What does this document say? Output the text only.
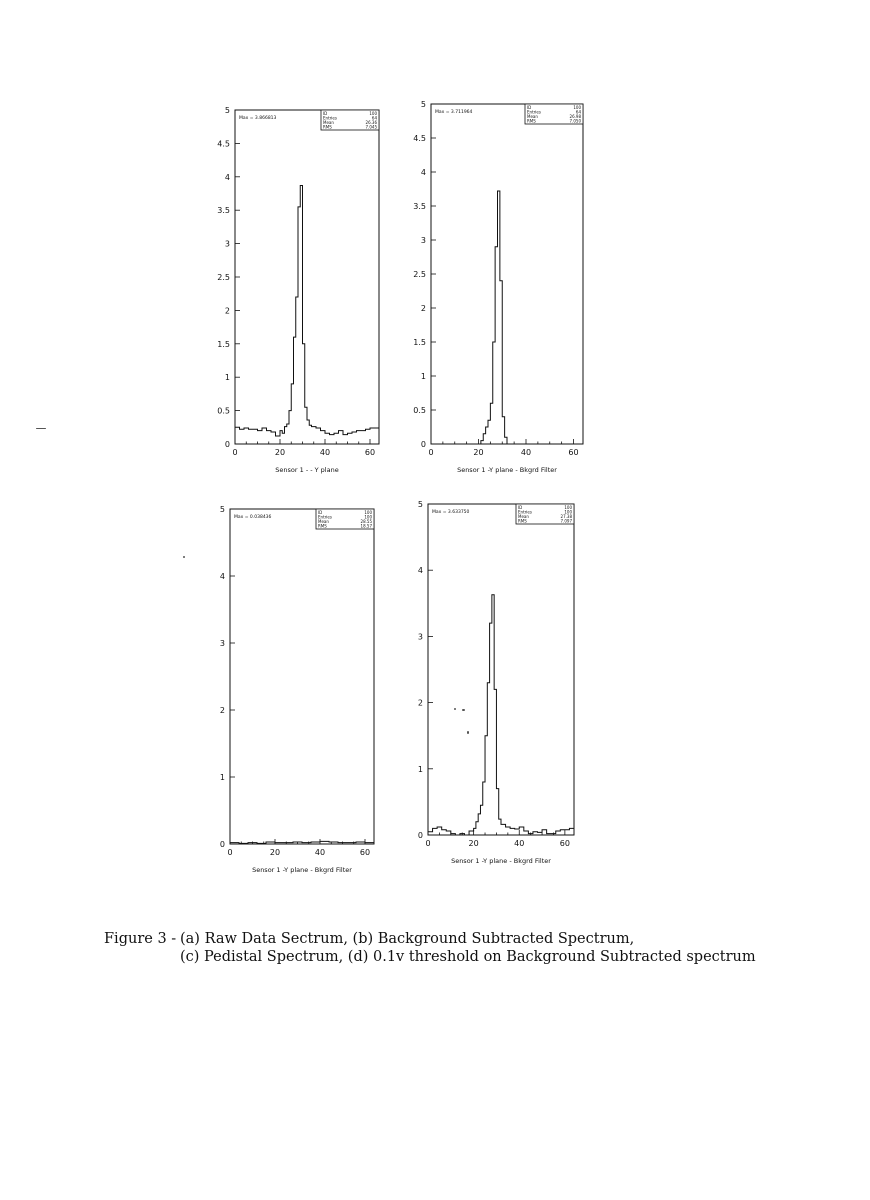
0
0.5
1
1.5
2
2.5
3
3.5
4
4.5
5
0	20	40	60
Max = 3.866813
ID	100
Entries	64
Mean	26.36
RMS	7.045
Sensor 1 - - Y plane
0
0.5
1
1.5
2
2.5
3
3.5
4
4.5
5
0	20	40	60
Max = 3.711964
ID	100
Entries	64
Mean	26.98
RMS	7.050
Sensor 1 -Y plane - Bkgrd Filter
0
1
2
3
4
5
0	20	40	60
Max = 0.038436
ID	100
Entries	100
Mean	28.55
RMS	18.57
Sensor 1 -Y plane - Bkgrd Filter
0
1
2
3
4
5
0	20	40	60
Max = 3.633750
ID	100
Entries	100
Mean	27.38
RMS	7.097
Sensor 1 -Y plane - Bkgrd Filter
Figure 3 - (a) Raw Data Sectrum, (b) Background Subtracted Spectrum,
(c) Pedistal Spectrum, (d) 0.1v threshold on Background Subtracted spectrum
